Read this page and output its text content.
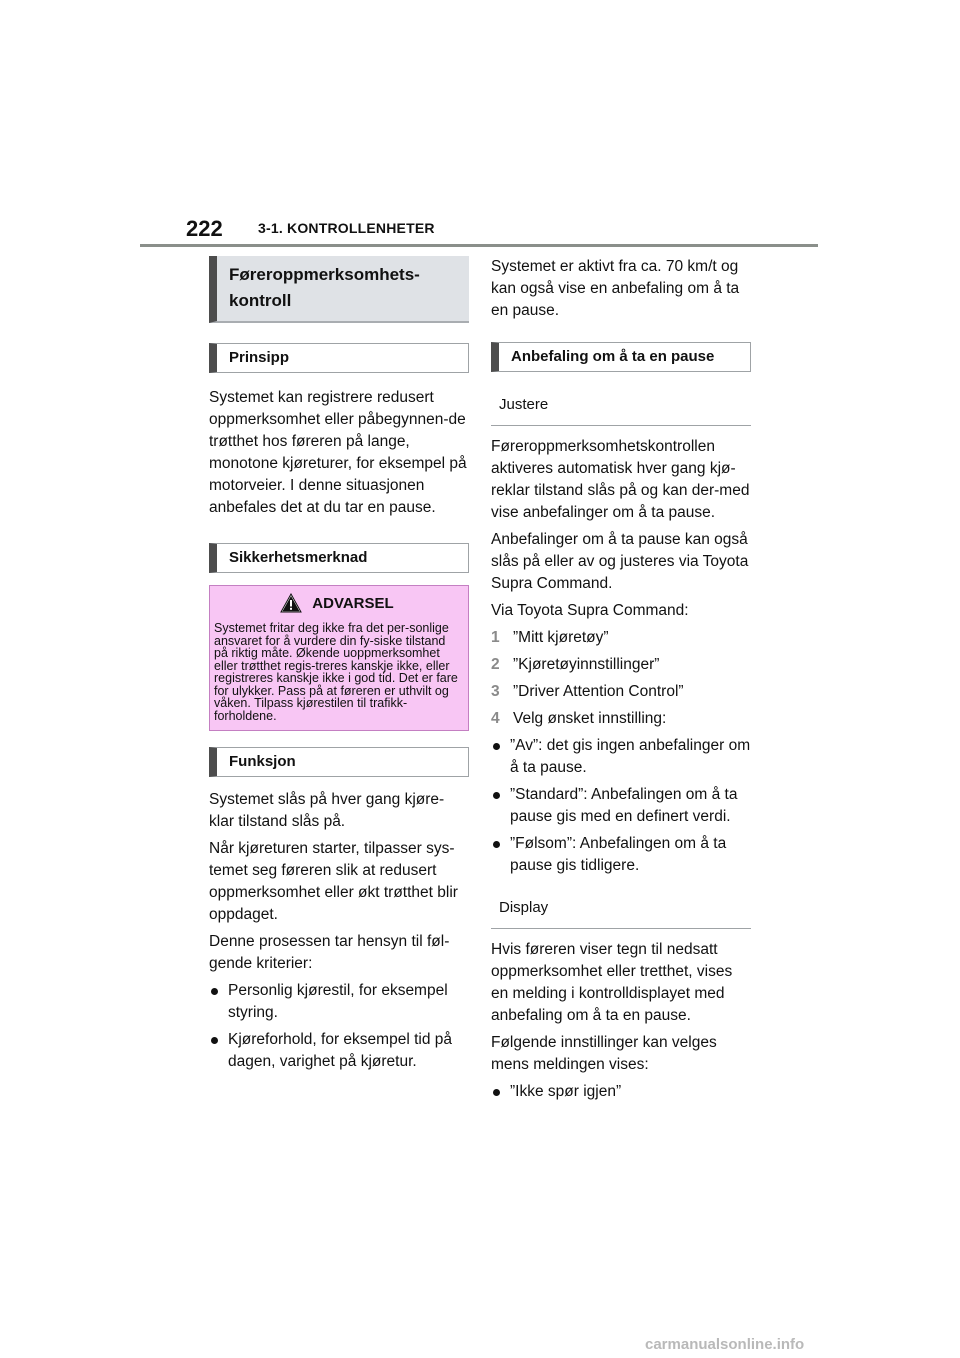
222	3-1. KONTROLLENHETER
Føreroppmerksomhets-kontroll
Prinsipp

Systemet kan registrere redusert oppmerksomhet eller påbegynnen-de trøtthet hos føreren på lange, monotone kjøreturer, for eksempel på motorveier. I denne situasjonen anbefales det at du tar en pause.

Sikkerhetsmerknad
ADVARSEL
Systemet fritar deg ikke fra det per-sonlige ansvaret for å vurdere din fy-siske tilstand på riktig måte. Økende uoppmerksomhet eller trøtthet regis-treres kanskje ikke, eller registreres kanskje ikke i god tid. Det er fare for ulykker. Pass på at føreren er uthvilt og våken. Tilpass kjørestilen til trafikk-forholdene.
Funksjon

Systemet slås på hver gang kjøre-klar tilstand slås på.

Når kjøreturen starter, tilpasser sys-temet seg føreren slik at redusert oppmerksomhet eller økt trøtthet blir oppdaget.

Denne prosessen tar hensyn til føl-gende kriterier:

Personlig kjørestil, for eksempel styring.
Kjøreforhold, for eksempel tid på dagen, varighet på kjøretur.

Systemet er aktivt fra ca. 70 km/t og kan også vise en anbefaling om å ta en pause.

Anbefaling om å ta en pause
Justere

Føreroppmerksomhetskontrollen aktiveres automatisk hver gang kjø-reklar tilstand slås på og kan der-med vise anbefalinger om å ta pause.

Anbefalinger om å ta pause kan også slås på eller av og justeres via Toyota Supra Command.

Via Toyota Supra Command:

1 ”Mitt kjøretøy”
2 ”Kjøretøyinnstillinger”
3 ”Driver Attention Control”
4 Velg ønsket innstilling:
”Av”: det gis ingen anbefalinger om å ta pause.
”Standard”: Anbefalingen om å ta pause gis med en definert verdi.
”Følsom”: Anbefalingen om å ta pause gis tidligere.
Display

Hvis føreren viser tegn til nedsatt oppmerksomhet eller tretthet, vises en melding i kontrolldisplayet med anbefaling om å ta en pause.

Følgende innstillinger kan velges mens meldingen vises:

”Ikke spør igjen”
carmanualsonline.info
